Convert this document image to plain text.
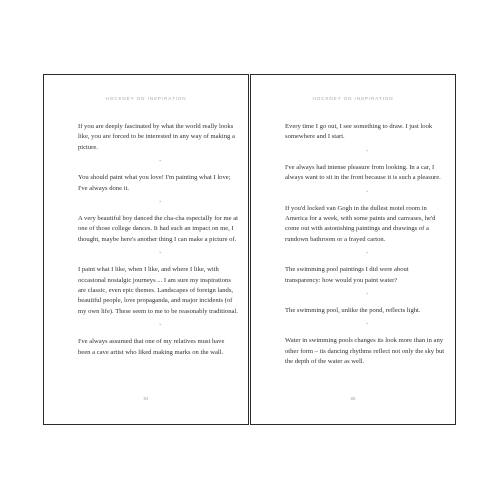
HOCKNEY ON INSPIRATION

If you are deeply fascinated by what the world really looks like, you are forced to be interested in any way of making a picture.

*

You should paint what you love! I'm painting what I love; I've always done it.

*

A very beautiful boy danced the cha-cha especially for me at one of those college dances. It had such an impact on me, I thought, maybe here's another thing I can make a picture of.

*

I paint what I like, when I like, and where I like, with occasional nostalgic journeys ... I am sure my inspirations are classic, even epic themes. Landscapes of foreign lands, beautiful people, love propaganda, and major incidents (of my own life). These seem to me to be reasonably traditional.

*

I've always assumed that one of my relatives must have been a cave artist who liked making marks on the wall.

84
HOCKNEY ON INSPIRATION

Every time I go out, I see something to draw. I just look somewhere and I start.

*

I've always had intense pleasure from looking. In a car, I always want to sit in the front because it is such a pleasure.

*

If you'd locked van Gogh in the dullest motel room in America for a week, with some paints and canvases, he'd come out with astonishing paintings and drawings of a rundown bathroom or a frayed carton.

*

The swimming pool paintings I did were about transparency: how would you paint water?

*

The swimming pool, unlike the pond, reflects light.

*

Water in swimming pools changes its look more than in any other form – its dancing rhythms reflect not only the sky but the depth of the water as well.

85
